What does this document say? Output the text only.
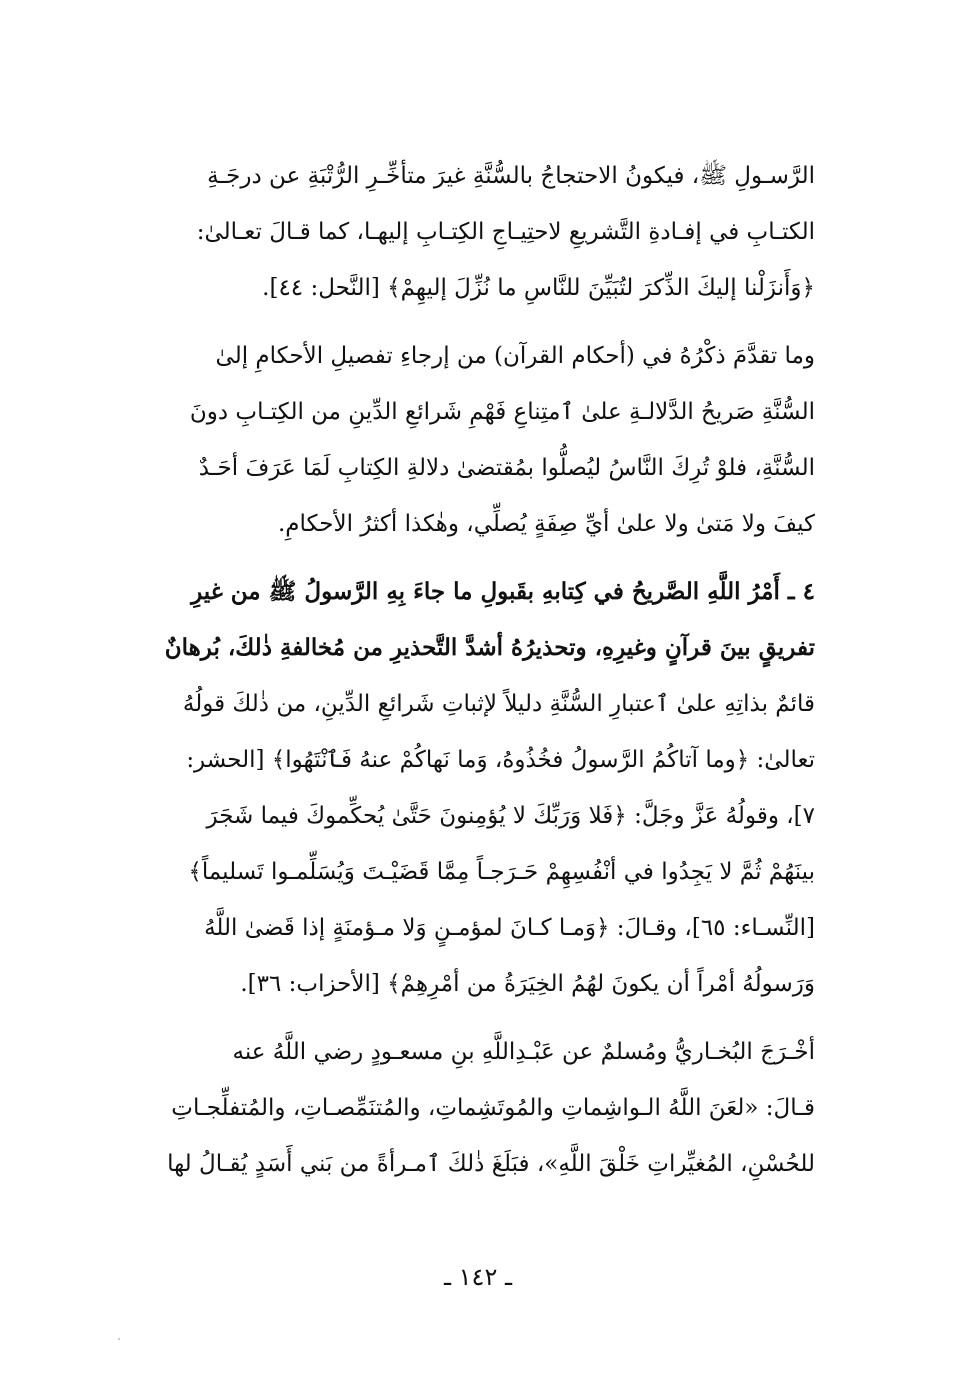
الرَّسـولِ ﷺ، فيكونُ الاحتجاجُ بالسُّنَّةِ غيرَ متأخِّـرِ الرُّتْبَةِ عن درجَـةِ
الكتـابِ في إفـادةِ التَّشريعِ لاحتِيـاجِ الكِتـابِ إليهـا، كما قـالَ تعـالىٰ:
﴿وَأَنزَلْنا إليكَ الذِّكرَ لتُبَيِّنَ للنَّاسِ ما نُزِّلَ إليهِمْ﴾ [النَّحل: ٤٤].
وما تقدَّمَ ذكْرُهُ في (أحكام القرآن) من إرجاءِ تفصيلِ الأحكامِ إلىٰ
السُّنَّةِ صَريحُ الدَّلالـةِ علىٰ ٱمتِناعِ فَهْمِ شَرائعِ الدِّينِ من الكِتـابِ دونَ
السُّنَّةِ، فلوْ تُرِكَ النَّاسُ ليُصلُّوا بمُقتضىٰ دلالةِ الكِتابِ لَمَا عَرَفَ أحَـدٌ
كيفَ ولا مَتىٰ ولا علىٰ أيِّ صِفَةٍ يُصلِّي، وهٰكذا أكثرُ الأحكامِ.
٤ ـ أَمْرُ اللَّهِ الصَّريحُ في كِتابهِ بقَبولِ ما جاءَ بِهِ الرَّسولُ ﷺ من غيرِ
تفريقٍ بينَ قرآنٍ وغيرِهِ، وتحذيرُهُ أشدَّ التَّحذيرِ من مُخالفةِ ذٰلكَ، بُرهانٌ
قائمٌ بذاتِهِ علىٰ ٱعتبارِ السُّنَّةِ دليلاً لإثباتِ شَرائعِ الدِّينِ، من ذٰلكَ قولُهُ
تعالىٰ: ﴿وما آتاكُمُ الرَّسولُ فخُذُوهُ، وَما نَهاكُمْ عنهُ فَٱنْتَهُوا﴾ [الحشر:
٧]، وقولُهُ عَزَّ وجَلَّ: ﴿فَلا وَرَبِّكَ لا يُؤمِنونَ حَتَّىٰ يُحكِّموكَ فيما شَجَرَ
بينَهُمْ ثُمَّ لا يَجِدُوا في أنْفُسِهِمْ حَـرَجـاً مِمَّا قَضَيْـتَ وَيُسَلِّمـوا تَسليماً﴾
[النِّسـاء: ٦٥]، وقـالَ: ﴿وَمـا كـانَ لمؤمـنٍ وَلا مـؤمنَةٍ إذا قَضىٰ اللَّهُ
وَرَسولُهُ أمْراً أن يكونَ لهُمُ الخِيَرَةُ من أمْرِهِمْ﴾ [الأحزاب: ٣٦].
أخْـرَجَ البُخـاريُّ ومُسلمٌ عن عَبْـدِاللَّهِ بنِ مسعـودٍ رضي اللَّهُ عنه
قـالَ: «لعَنَ اللَّهُ الـواشِماتِ والمُوتَشِماتِ، والمُتنَمِّصـاتِ، والمُتفلِّجـاتِ
للحُسْنِ، المُغيِّراتِ خَلْقَ اللَّهِ»، فبَلَغَ ذٰلكَ ٱمـرأةً من بَني أَسَدٍ يُقـالُ لها
ـ ١٤٢ ـ
